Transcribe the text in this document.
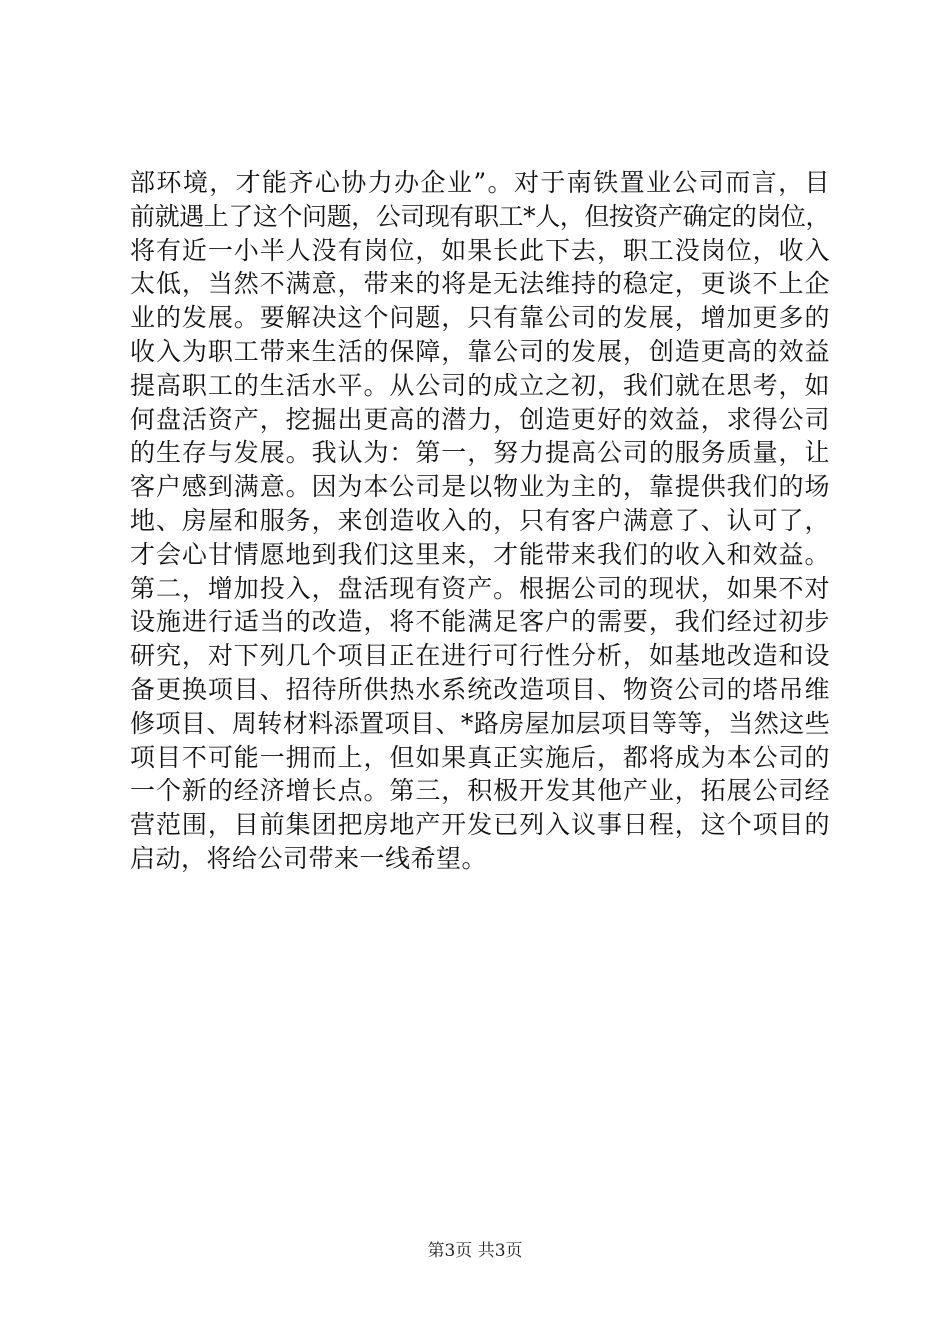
部环境，才能齐心协力办企业”。对于南铁置业公司而言，目
前就遇上了这个问题，公司现有职工*人，但按资产确定的岗位，
将有近一小半人没有岗位，如果长此下去，职工没岗位，收入
太低，当然不满意，带来的将是无法维持的稳定，更谈不上企
业的发展。要解决这个问题，只有靠公司的发展，增加更多的
收入为职工带来生活的保障，靠公司的发展，创造更高的效益
提高职工的生活水平。从公司的成立之初，我们就在思考，如
何盘活资产，挖掘出更高的潜力，创造更好的效益，求得公司
的生存与发展。我认为：第一，努力提高公司的服务质量，让
客户感到满意。因为本公司是以物业为主的，靠提供我们的场
地、房屋和服务，来创造收入的，只有客户满意了、认可了，
才会心甘情愿地到我们这里来，才能带来我们的收入和效益。
第二，增加投入，盘活现有资产。根据公司的现状，如果不对
设施进行适当的改造，将不能满足客户的需要，我们经过初步
研究，对下列几个项目正在进行可行性分析，如基地改造和设
备更换项目、招待所供热水系统改造项目、物资公司的塔吊维
修项目、周转材料添置项目、*路房屋加层项目等等，当然这些
项目不可能一拥而上，但如果真正实施后，都将成为本公司的
一个新的经济增长点。第三，积极开发其他产业，拓展公司经
营范围，目前集团把房地产开发已列入议事日程，这个项目的
启动，将给公司带来一线希望。
第3页 共3页
